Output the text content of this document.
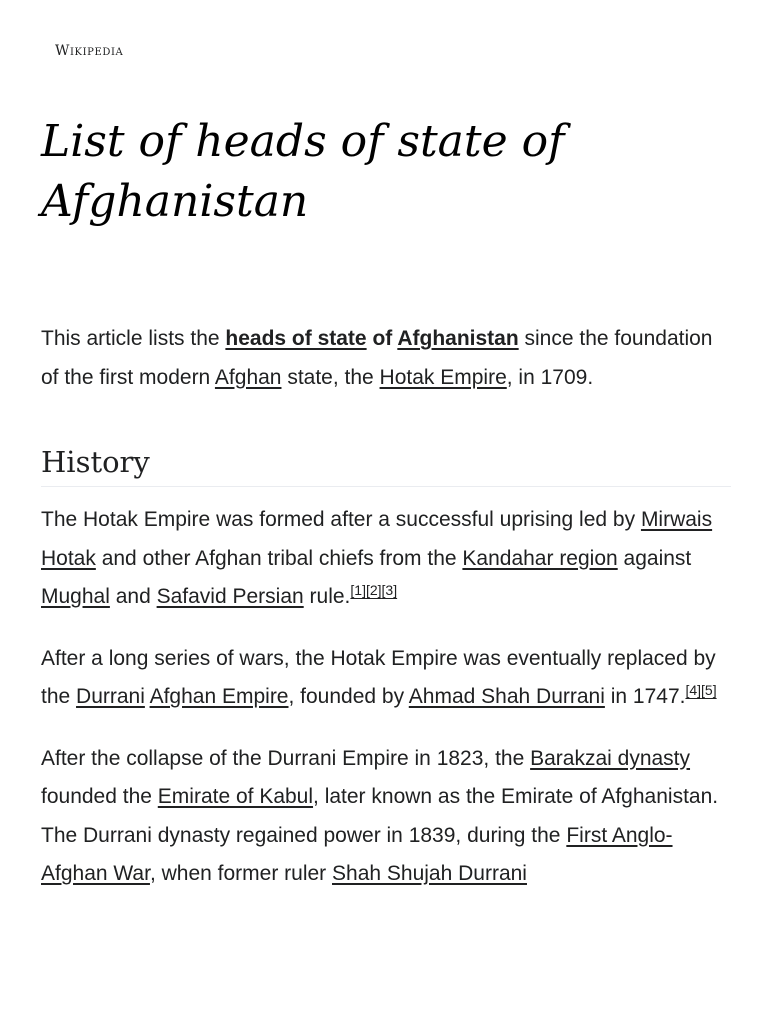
Wikipedia
List of heads of state of Afghanistan

This article lists the heads of state of Afghanistan since the foundation of the first modern Afghan state, the Hotak Empire, in 1709.

History

The Hotak Empire was formed after a successful uprising led by Mirwais Hotak and other Afghan tribal chiefs from the Kandahar region against Mughal and Safavid Persian rule.[1][2][3]

After a long series of wars, the Hotak Empire was eventually replaced by the Durrani Afghan Empire, founded by Ahmad Shah Durrani in 1747.[4][5]

After the collapse of the Durrani Empire in 1823, the Barakzai dynasty founded the Emirate of Kabul, later known as the Emirate of Afghanistan. The Durrani dynasty regained power in 1839, during the First Anglo-Afghan War, when former ruler Shah Shujah Durrani
